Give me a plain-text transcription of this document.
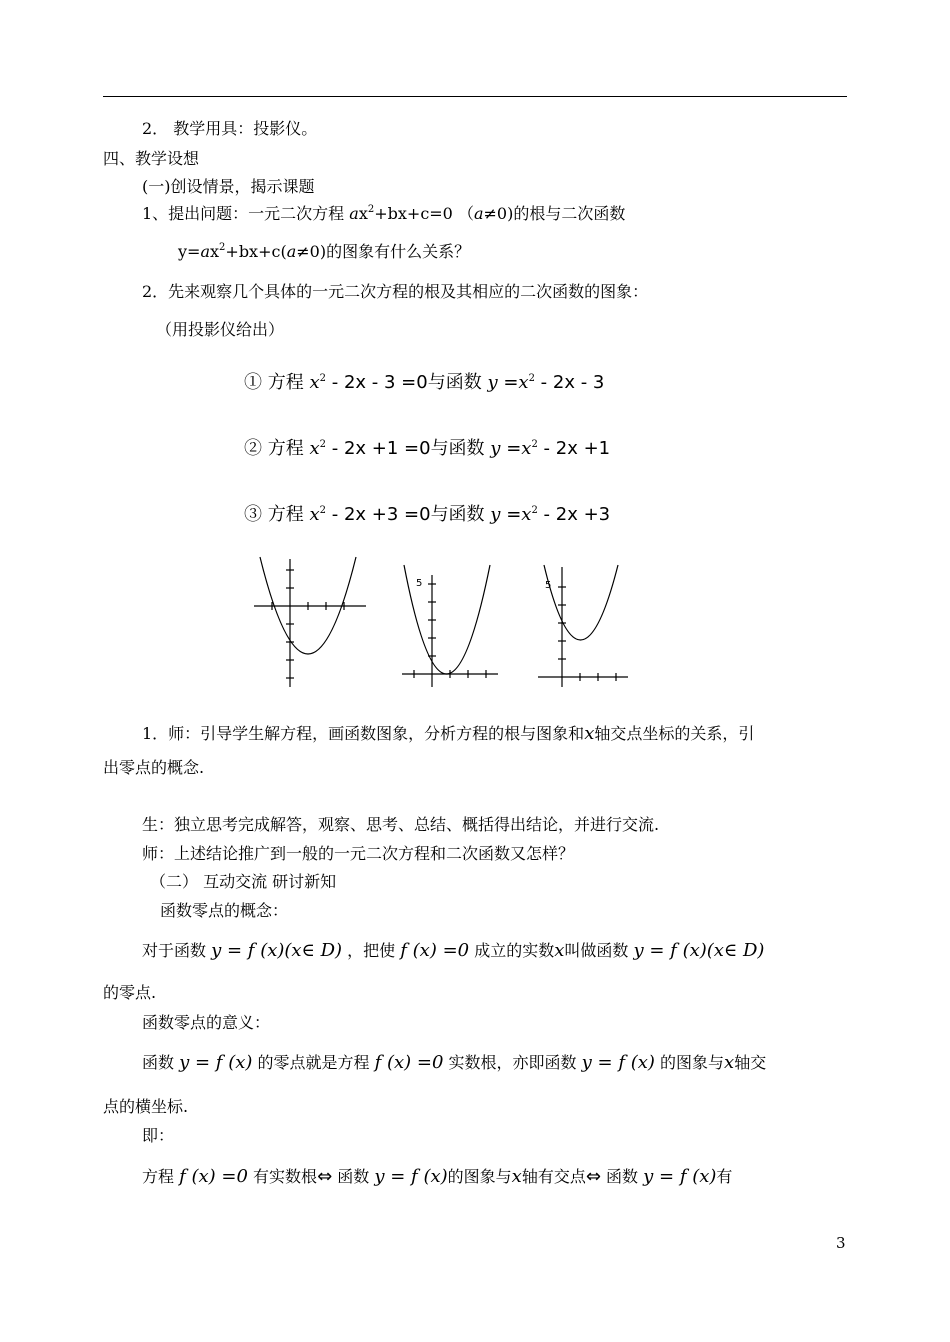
2． 教学用具：投影仪。
四、教学设想
(一)创设情景，揭示课题
1、提出问题：一元二次方程 $ax^2+bx+c=0$ （a≠0)的根与二次函数
$y=ax^2+bx+c(a\ne 0)$的图象有什么关系？
2．先来观察几个具体的一元二次方程的根及其相应的二次函数的图象：
（用投影仪给出）
① 方程 $x^2 - 2x - 3 =0$与函数 $y =x^2 - 2x - 3$
② 方程 $x^2 - 2x +1 =0$与函数 $y =x^2 - 2x +1$
③ 方程 $x^2 - 2x +3 =0$与函数 $y =x^2 - 2x +3$
5	5
1．师：引导学生解方程，画函数图象，分析方程的根与图象和x轴交点坐标的关系，引
出零点的概念.
生：独立思考完成解答，观察、思考、总结、概括得出结论，并进行交流.
师：上述结论推广到一般的一元二次方程和二次函数又怎样？
（二） 互动交流 研讨新知
函数零点的概念：
对于函数 y = f (x)(x∈ D) ，把使 f (x) =0 成立的实数x叫做函数 y = f (x)(x∈ D)
的零点.
函数零点的意义：
函数 y = f (x) 的零点就是方程 f (x) =0 实数根，亦即函数 y = f (x) 的图象与x轴交
点的横坐标.
即：
方程 f (x) =0 有实数根⇔ 函数 y = f (x)的图象与x轴有交点⇔ 函数 y = f (x)有
3
